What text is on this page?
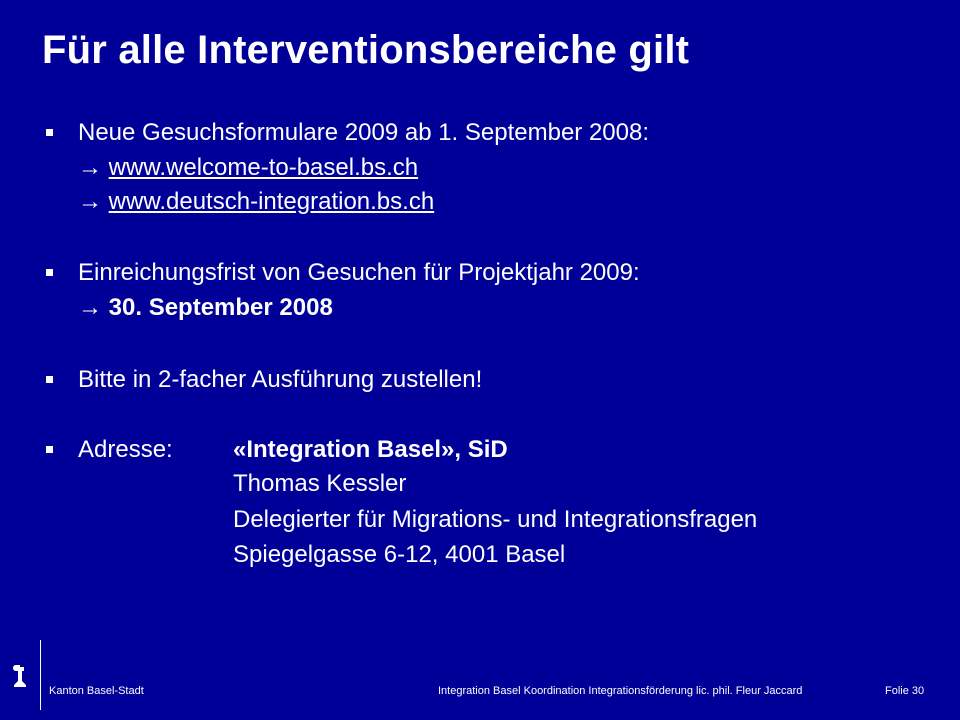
Für alle Interventionsbereiche gilt
Neue Gesuchsformulare 2009 ab 1. September 2008:
→ www.welcome-to-basel.bs.ch
→ www.deutsch-integration.bs.ch
Einreichungsfrist von Gesuchen für Projektjahr 2009:
→ 30. September 2008
Bitte in 2-facher Ausführung zustellen!
Adresse:	«Integration Basel», SiD
Thomas Kessler
Delegierter für Migrations- und Integrationsfragen
Spiegelgasse 6-12, 4001 Basel
Kanton Basel-Stadt	Integration Basel Koordination Integrationsförderung lic. phil. Fleur Jaccard	Folie 30
